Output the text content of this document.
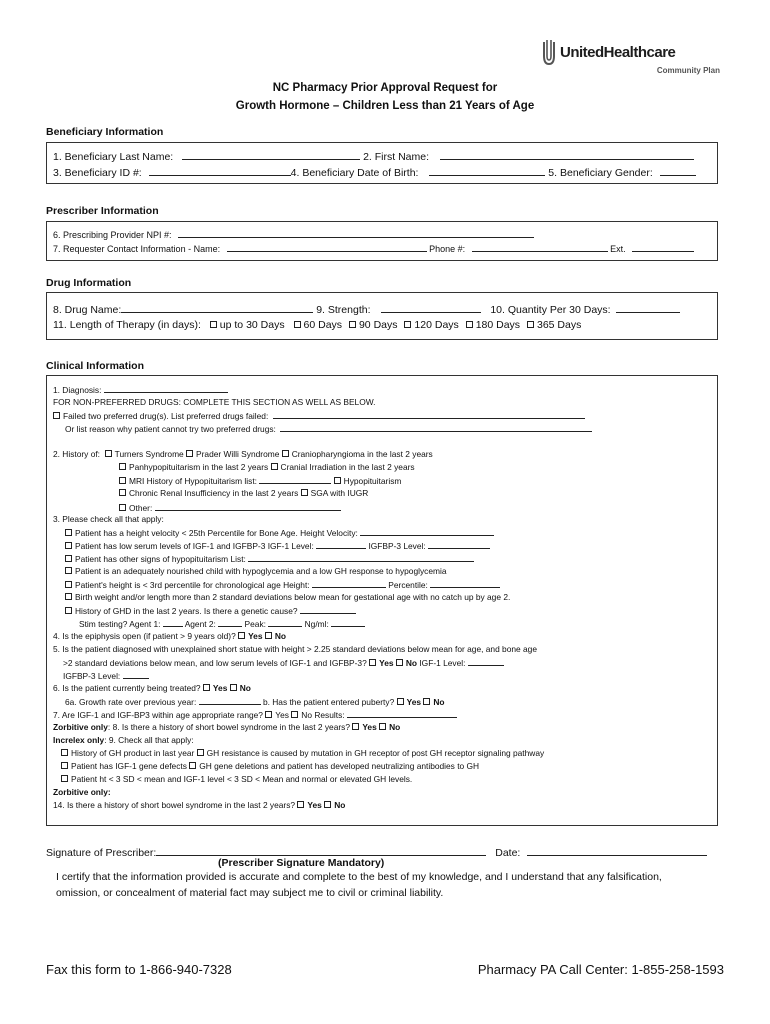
UnitedHealthcare
Community Plan
NC Pharmacy Prior Approval Request for
Growth Hormone – Children Less than 21 Years of Age
Beneficiary Information
1. Beneficiary Last Name:	2. First Name:
3. Beneficiary ID #:	4. Beneficiary Date of Birth:	5. Beneficiary Gender:
Prescriber Information
6. Prescribing Provider NPI #:
7. Requester Contact Information - Name:	Phone #:	Ext.
Drug Information
8. Drug Name:	9. Strength:	10. Quantity Per 30 Days:
11. Length of Therapy (in days): up to 30 Days 60 Days 90 Days 120 Days 180 Days 365 Days
Clinical Information
1. Diagnosis:
FOR NON-PREFERRED DRUGS: COMPLETE THIS SECTION AS WELL AS BELOW.
Failed two preferred drug(s). List preferred drugs failed:
Or list reason why patient cannot try two preferred drugs:
2. History of: Turners Syndrome Prader Willi Syndrome Craniopharyngioma in the last 2 years
Panhypopituitarism in the last 2 years Cranial Irradiation in the last 2 years
MRI History of Hypopituitarism list:	Hypopituitarism
Chronic Renal Insufficiency in the last 2 years SGA with IUGR
Other:
3. Please check all that apply:
Patient has a height velocity < 25th Percentile for Bone Age. Height Velocity:
Patient has low serum levels of IGF-1 and IGFBP-3 IGF-1 Level:	IGFBP-3 Level:
Patient has other signs of hypopituitarism List:
Patient is an adequately nourished child with hypoglycemia and a low GH response to hypoglycemia
Patient's height is < 3rd percentile for chronological age Height:	Percentile:
Birth weight and/or length more than 2 standard deviations below mean for gestational age with no catch up by age 2.
History of GHD in the last 2 years. Is there a genetic cause?
Stim testing? Agent 1:	Agent 2:	Peak:	Ng/ml:
4. Is the epiphysis open (if patient > 9 years old)? Yes No
5. Is the patient diagnosed with unexplained short statue with height > 2.25 standard deviations below mean for age, and bone age
>2 standard deviations below mean, and low serum levels of IGF-1 and IGFBP-3? Yes No IGF-1 Level:
IGFBP-3 Level:
6. Is the patient currently being treated? Yes No
6a. Growth rate over previous year:	b. Has the patient entered puberty? Yes No
7. Are IGF-1 and IGF-BP3 within age appropriate range? Yes No Results:
Zorbitive only: 8. Is there a history of short bowel syndrome in the last 2 years? Yes No
Increlex only: 9. Check all that apply:
History of GH product in last year GH resistance is caused by mutation in GH receptor of post GH receptor signaling pathway
Patient has IGF-1 gene defects GH gene deletions and patient has developed neutralizing antibodies to GH
Patient ht < 3 SD < mean and IGF-1 level < 3 SD < Mean and normal or elevated GH levels.
Zorbitive only:
14. Is there a history of short bowel syndrome in the last 2 years? Yes No
Signature of Prescriber:	Date:
(Prescriber Signature Mandatory)
I certify that the information provided is accurate and complete to the best of my knowledge, and I understand that any falsification,
omission, or concealment of material fact may subject me to civil or criminal liability.
Fax this form to 1-866-940-7328	Pharmacy PA Call Center: 1-855-258-1593
